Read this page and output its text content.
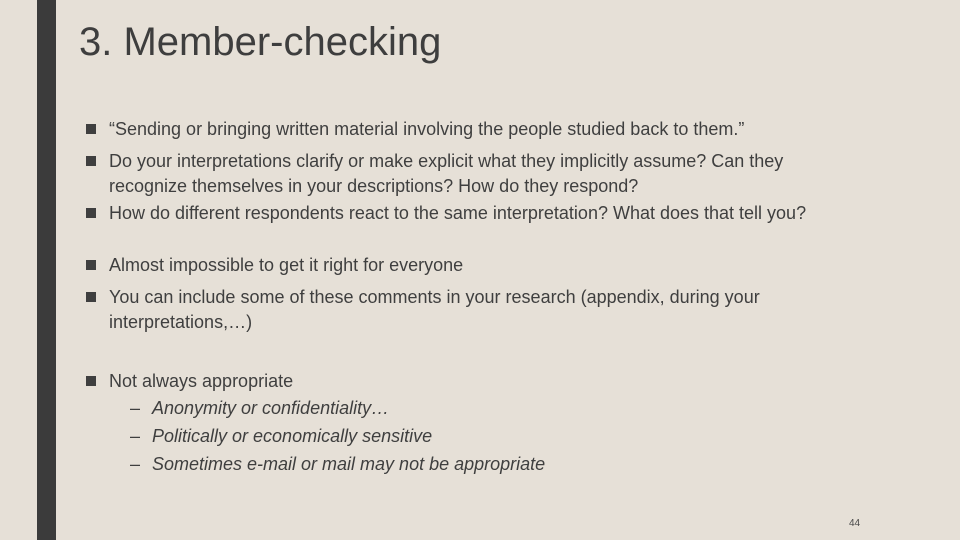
3. Member-checking
“Sending or bringing written material involving the people studied back to them.”
Do your interpretations clarify or make explicit what they implicitly assume? Can they recognize themselves in your descriptions? How do they respond?
How do different respondents react to the same interpretation? What does that tell you?
Almost impossible to get it right for everyone
You can include some of these comments in your research (appendix, during your interpretations,…)
Not always appropriate
– Anonymity or confidentiality…
– Politically or economically sensitive
– Sometimes e-mail or mail may not be appropriate
44
